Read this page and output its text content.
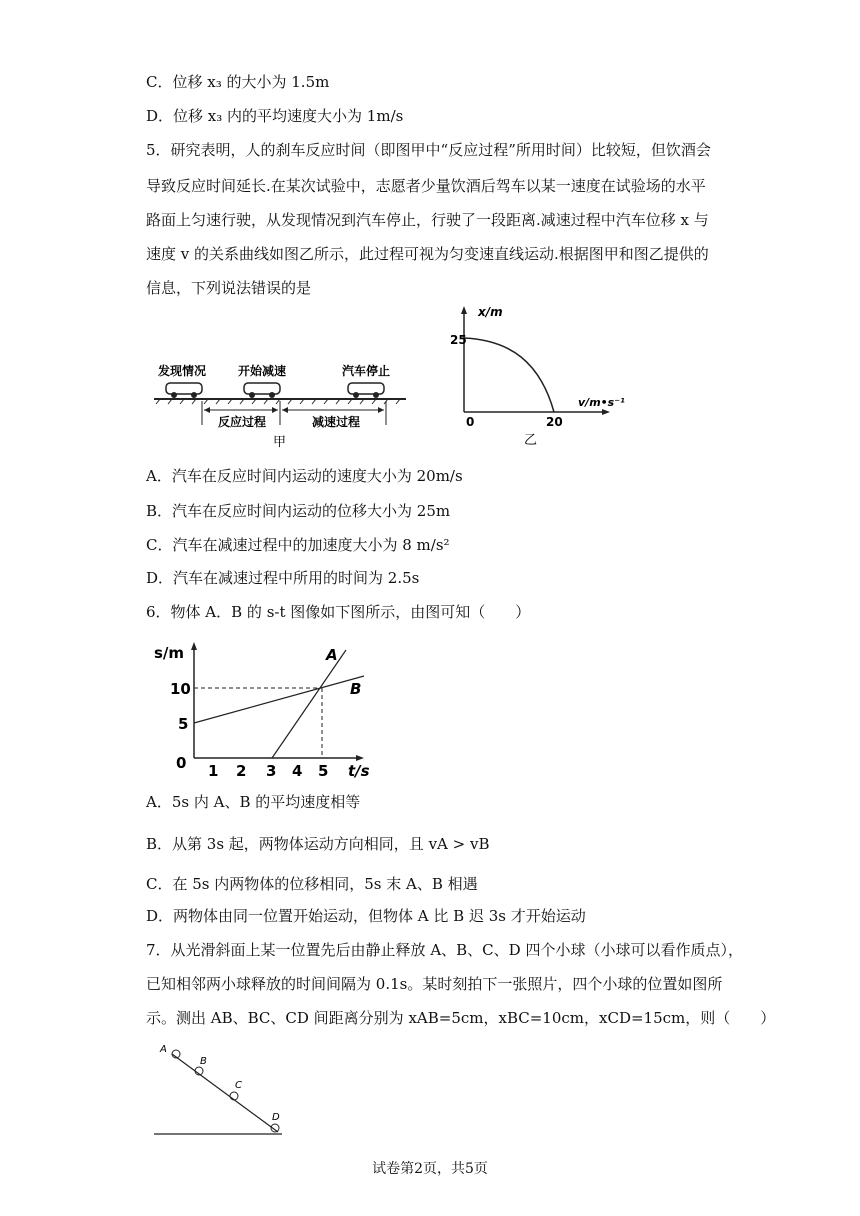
C．位移 x₃ 的大小为 1.5m
D．位移 x₃ 内的平均速度大小为 1m/s
5．研究表明，人的刹车反应时间（即图甲中“反应过程”所用时间）比较短，但饮酒会
导致反应时间延长.在某次试验中，志愿者少量饮酒后驾车以某一速度在试验场的水平
路面上匀速行驶，从发现情况到汽车停止，行驶了一段距离.减速过程中汽车位移 x 与
速度 v 的关系曲线如图乙所示，此过程可视为匀变速直线运动.根据图甲和图乙提供的
信息，下列说法错误的是
发现情况	开始减速	汽车停止
反应过程	减速过程
甲
x/m
25
v/m•s⁻¹
0	20
乙
A．汽车在反应时间内运动的速度大小为 20m/s
B．汽车在反应时间内运动的位移大小为 25m
C．汽车在减速过程中的加速度大小为 8 m/s²
D．汽车在减速过程中所用的时间为 2.5s
6．物体 A．B 的 s-t 图像如下图所示，由图可知（　　）
s/m
t/s
0
5
10
1 2 3 4 5
A
B
A．5s 内 A、B 的平均速度相等
B．从第 3s 起，两物体运动方向相同，且 vA > vB
C．在 5s 内两物体的位移相同，5s 末 A、B 相遇
D．两物体由同一位置开始运动，但物体 A 比 B 迟 3s 才开始运动
7．从光滑斜面上某一位置先后由静止释放 A、B、C、D 四个小球（小球可以看作质点），
已知相邻两小球释放的时间间隔为 0.1s。某时刻拍下一张照片，四个小球的位置如图所
示。测出 AB、BC、CD 间距离分别为 xAB=5cm，xBC=10cm，xCD=15cm，则（　　）
A
B
C
D
试卷第2页，共5页
